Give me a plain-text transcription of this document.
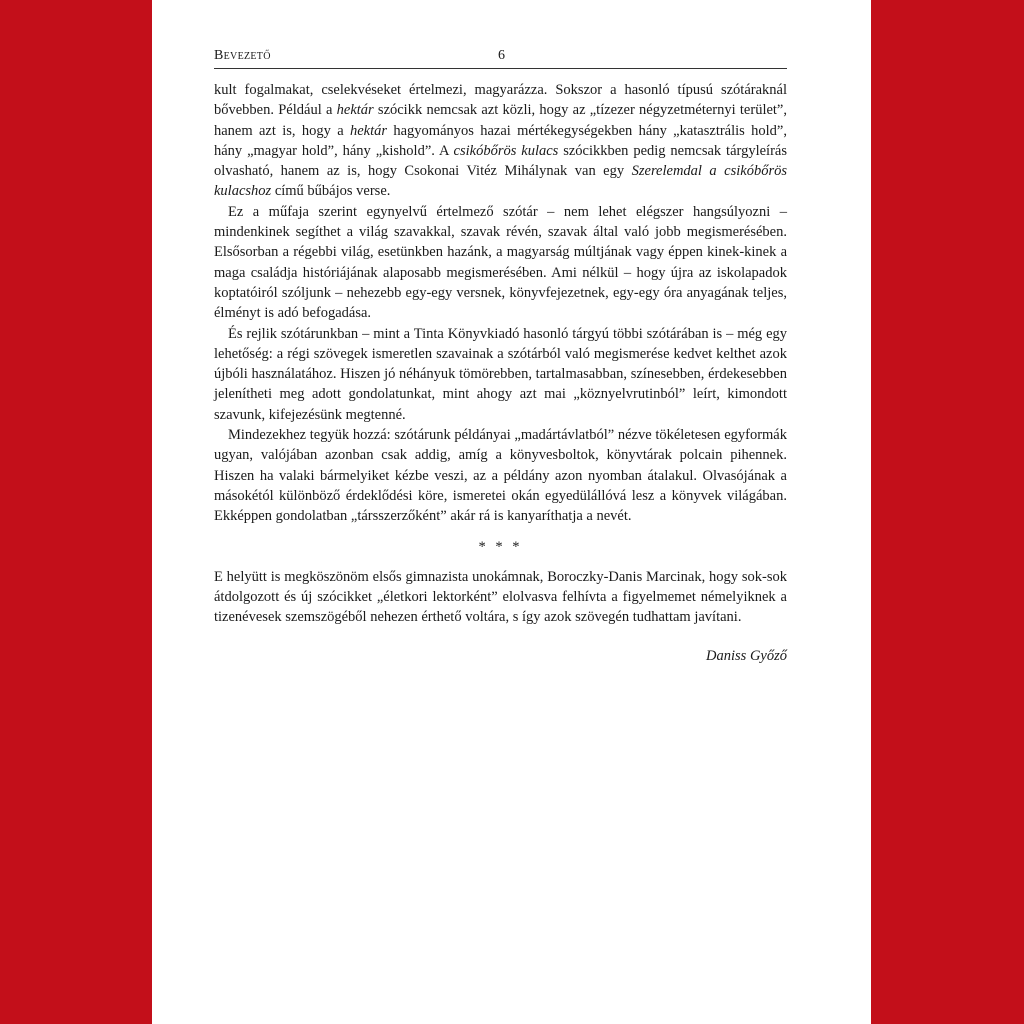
Bevezető	6

kult fogalmakat, cselekvéseket értelmezi, magyarázza. Sokszor a hasonló típusú szótáraknál bővebben. Például a hektár szócikk nemcsak azt közli, hogy az „tízezer négyzetméternyi terület”, hanem azt is, hogy a hektár hagyományos hazai mértékegységekben hány „katasztrális hold”, hány „magyar hold”, hány „kishold”. A csikóbőrös kulacs szócikkben pedig nemcsak tárgyleírás olvasható, hanem az is, hogy Csokonai Vitéz Mihálynak van egy Szerelemdal a csikóbőrös kulacshoz című bűbájos verse.

Ez a műfaja szerint egynyelvű értelmező szótár – nem lehet elégszer hangsúlyozni – mindenkinek segíthet a világ szavakkal, szavak révén, szavak által való jobb megismerésében. Elsősorban a régebbi világ, esetünkben hazánk, a magyarság múltjának vagy éppen kinek-kinek a maga családja históriájának alaposabb megismerésében. Ami nélkül – hogy újra az iskolapadok koptatóiról szóljunk – nehezebb egy-egy versnek, könyvfejezetnek, egy-egy óra anyagának teljes, élményt is adó befogadása.

És rejlik szótárunkban – mint a Tinta Könyvkiadó hasonló tárgyú többi szótárában is – még egy lehetőség: a régi szövegek ismeretlen szavainak a szótárból való megismerése kedvet kelthet azok újbóli használatához. Hiszen jó néhányuk tömörebben, tartalmasabban, színesebben, érdekesebben jelenítheti meg adott gondolatunkat, mint ahogy azt mai „köznyelvrutinból” leírt, kimondott szavunk, kifejezésünk megtenné.

Mindezekhez tegyük hozzá: szótárunk példányai „madártávlatból” nézve tökéletesen egyformák ugyan, valójában azonban csak addig, amíg a könyvesboltok, könyvtárak polcain pihennek. Hiszen ha valaki bármelyiket kézbe veszi, az a példány azon nyomban átalakul. Olvasójának a másokétól különböző érdeklődési köre, ismeretei okán egyedülállóvá lesz a könyvek világában. Ekképpen gondolatban „társszerzőként” akár rá is kanyaríthatja a nevét.

* * *

E helyütt is megköszönöm elsős gimnazista unokámnak, Boroczky-Danis Marcinak, hogy sok-sok átdolgozott és új szócikket „életkori lektorként” elolvasva felhívta a figyelmemet némelyiknek a tizenévesek szemszögéből nehezen érthető voltára, s így azok szövegén tudhattam javítani.

Daniss Győző
